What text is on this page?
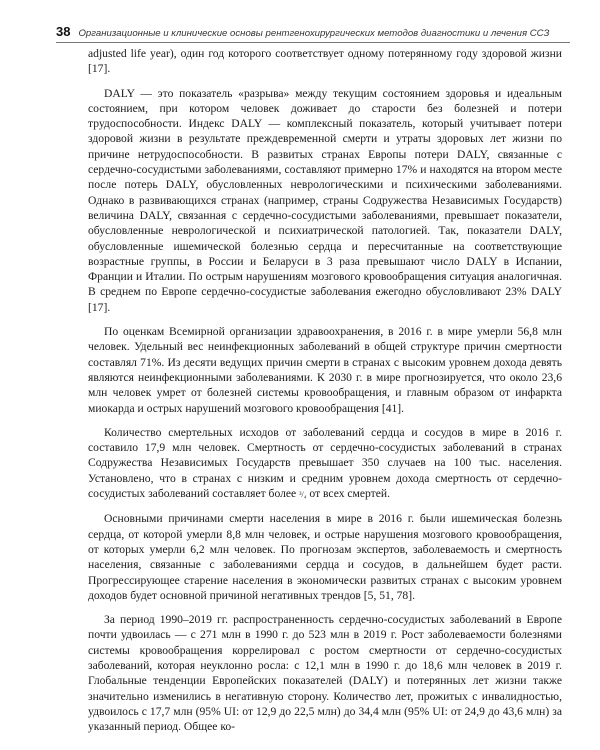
38 Организационные и клинические основы рентгенохирургических методов диагностики и лечения ССЗ

adjusted life year), один год которого соответствует одному потерянному году здоровой жизни [17].

DALY — это показатель «разрыва» между текущим состоянием здоровья и идеальным состоянием, при котором человек доживает до старости без болезней и потери трудоспособности. Индекс DALY — комплексный показатель, который учитывает потери здоровой жизни в результате преждевременной смерти и утраты здоровых лет жизни по причине нетрудоспособности. В развитых странах Европы потери DALY, связанные с сердечно-сосудистыми заболеваниями, составляют примерно 17% и находятся на втором месте после потерь DALY, обусловленных неврологическими и психическими заболеваниями. Однако в развивающихся странах (например, страны Содружества Независимых Государств) величина DALY, связанная с сердечно-сосудистыми заболеваниями, превышает показатели, обусловленные неврологической и психиатрической патологией. Так, показатели DALY, обусловленные ишемической болезнью сердца и пересчитанные на соответствующие возрастные группы, в России и Беларуси в 3 раза превышают число DALY в Испании, Франции и Италии. По острым нарушениям мозгового кровообращения ситуация аналогичная. В среднем по Европе сердечно-сосудистые заболевания ежегодно обусловливают 23% DALY [17].

По оценкам Всемирной организации здравоохранения, в 2016 г. в мире умерли 56,8 млн человек. Удельный вес неинфекционных заболеваний в общей структуре причин смертности составлял 71%. Из десяти ведущих причин смерти в странах с высоким уровнем дохода девять являются неинфекционными заболеваниями. К 2030 г. в мире прогнозируется, что около 23,6 млн человек умрет от болезней системы кровообращения, и главным образом от инфаркта миокарда и острых нарушений мозгового кровообращения [41].

Количество смертельных исходов от заболеваний сердца и сосудов в мире в 2016 г. составило 17,9 млн человек. Смертность от сердечно-сосудистых заболеваний в странах Содружества Независимых Государств превышает 350 случаев на 100 тыс. населения. Установлено, что в странах с низким и средним уровнем дохода смертность от сердечно-сосудистых заболеваний составляет более ³/₄ от всех смертей.

Основными причинами смерти населения в мире в 2016 г. были ишемическая болезнь сердца, от которой умерли 8,8 млн человек, и острые нарушения мозгового кровообращения, от которых умерли 6,2 млн человек. По прогнозам экспертов, заболеваемость и смертность населения, связанные с заболеваниями сердца и сосудов, в дальнейшем будет расти. Прогрессирующее старение населения в экономически развитых странах с высоким уровнем доходов будет основной причиной негативных трендов [5, 51, 78].

За период 1990–2019 гг. распространенность сердечно-сосудистых заболеваний в Европе почти удвоилась — с 271 млн в 1990 г. до 523 млн в 2019 г. Рост заболеваемости болезнями системы кровообращения коррелировал с ростом смертности от сердечно-сосудистых заболеваний, которая неуклонно росла: с 12,1 млн в 1990 г. до 18,6 млн человек в 2019 г. Глобальные тенденции Европейских показателей (DALY) и потерянных лет жизни также значительно изменились в негативную сторону. Количество лет, прожитых с инвалидностью, удвоилось с 17,7 млн (95% UI: от 12,9 до 22,5 млн) до 34,4 млн (95% UI: от 24,9 до 43,6 млн) за указанный период. Общее ко-
